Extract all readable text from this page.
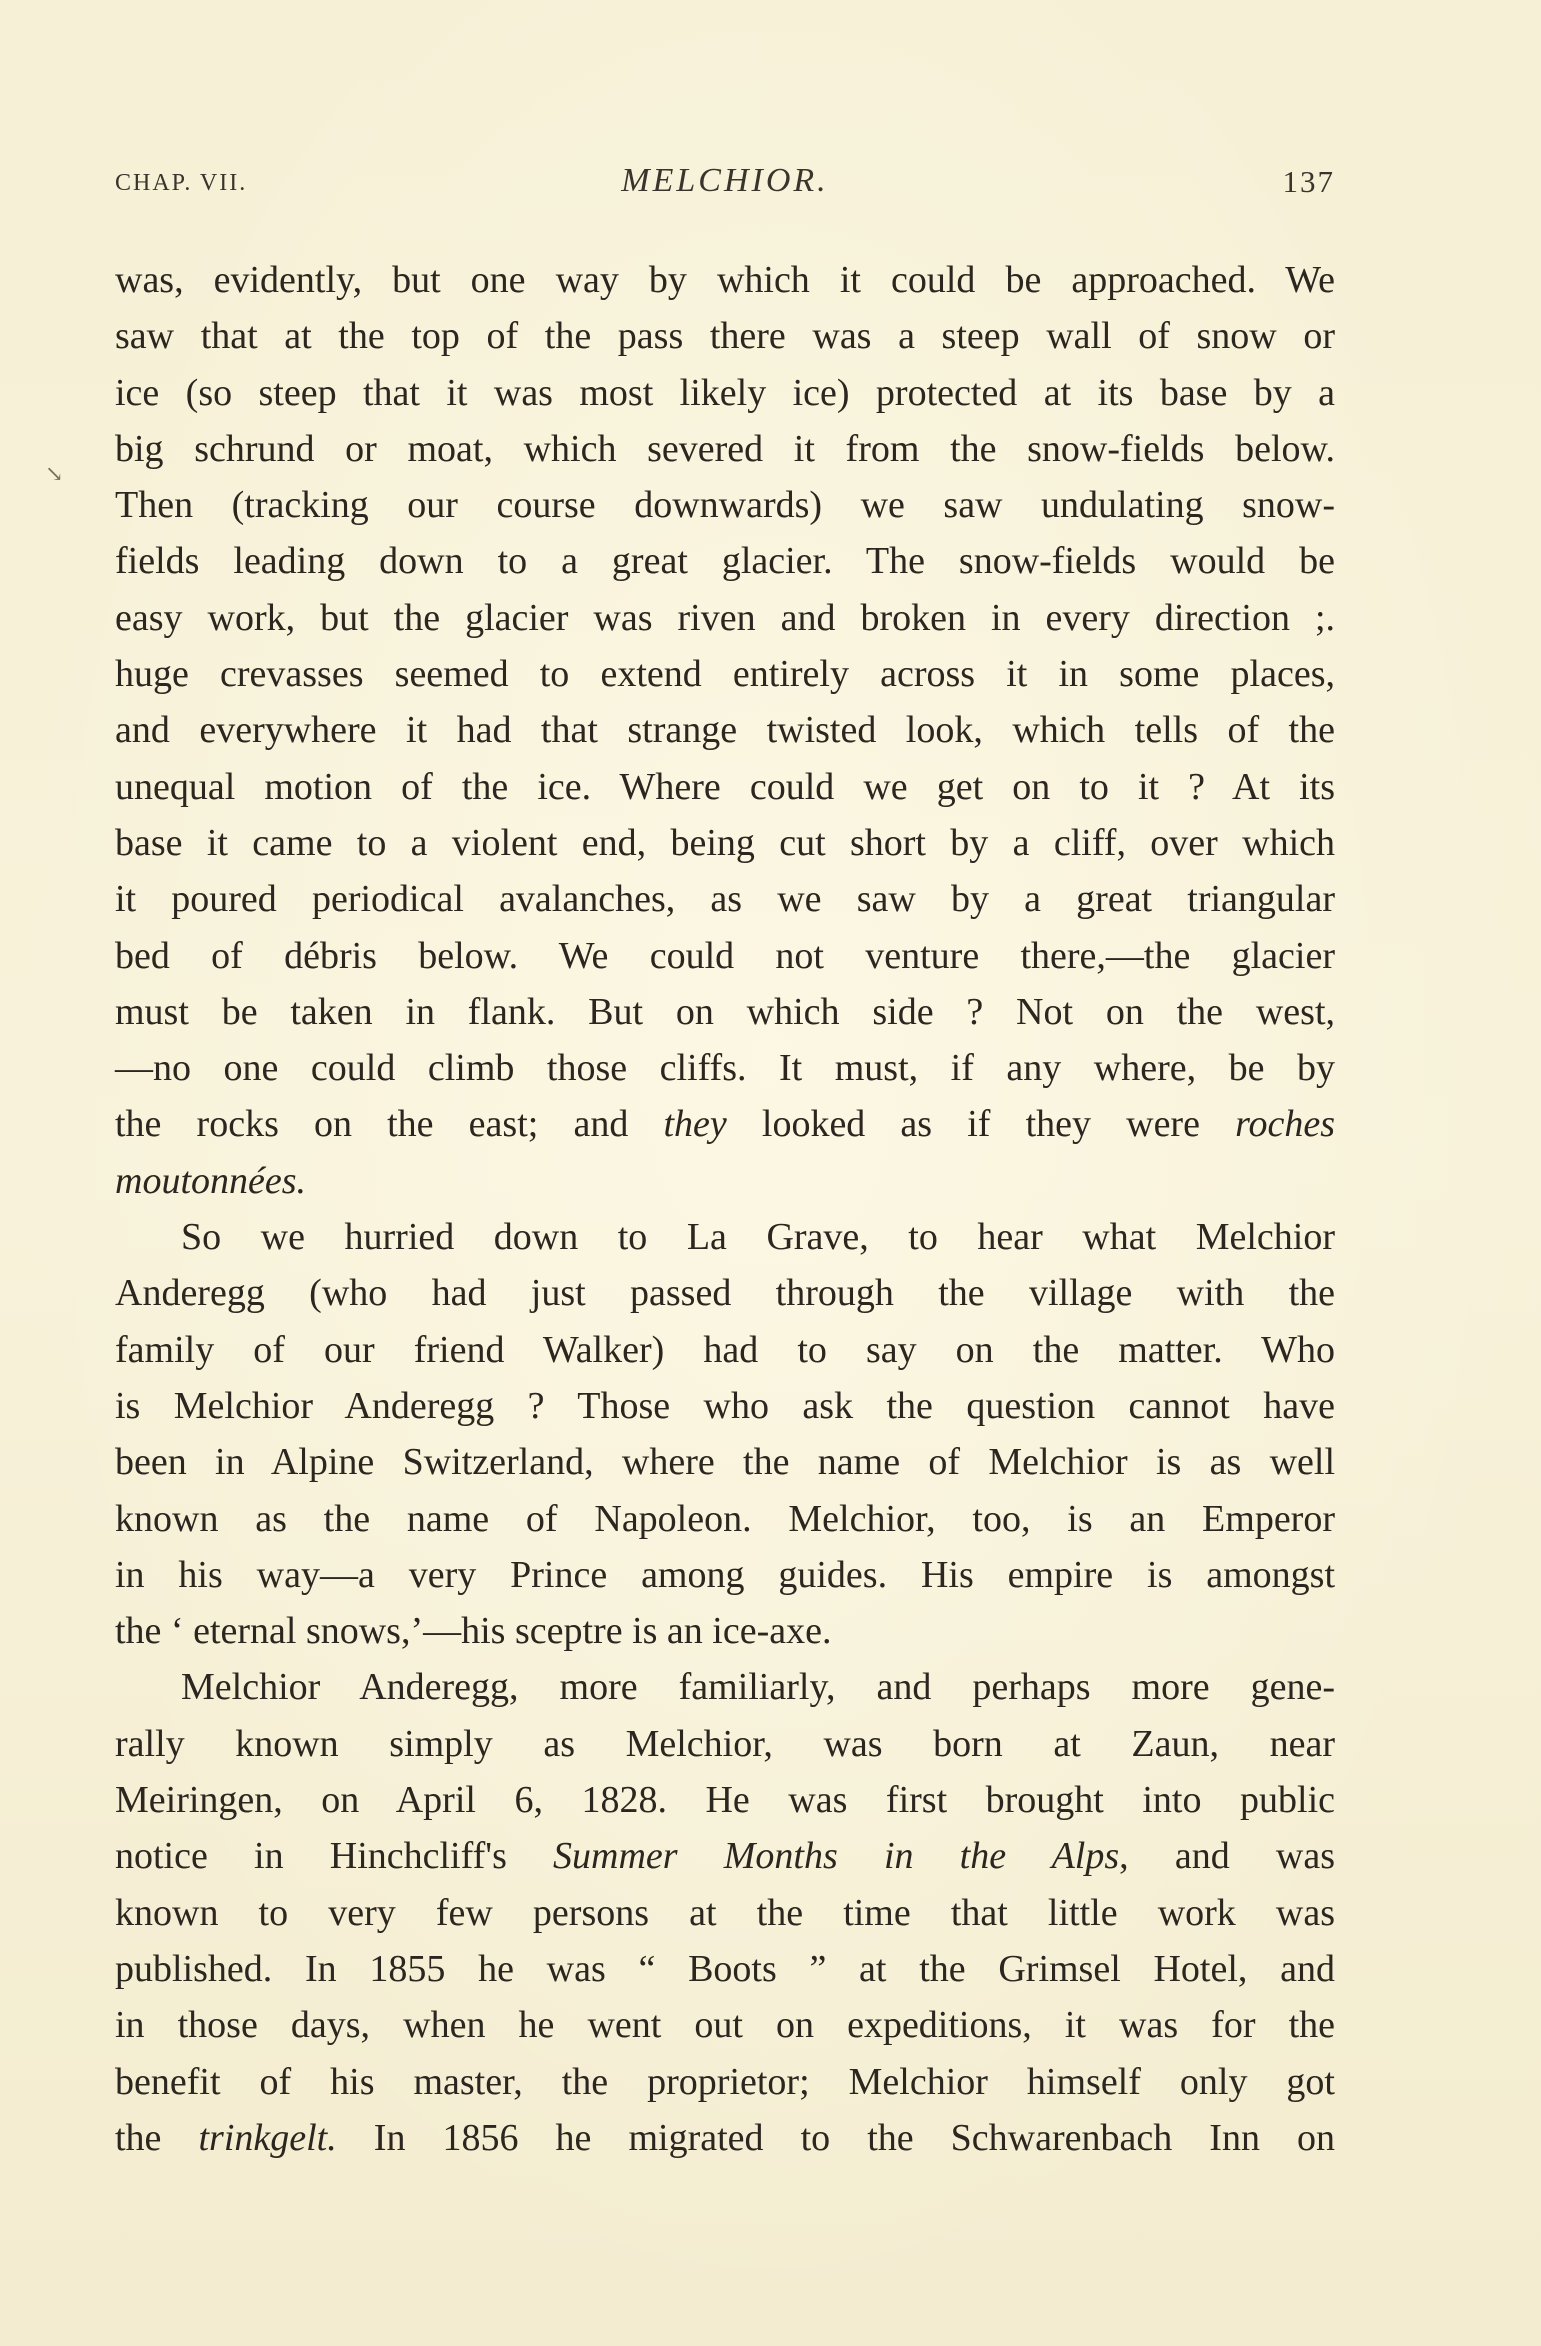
CHAP. VII.	MELCHIOR.	137
↘
was, evidently, but one way by which it could be approached. We
saw that at the top of the pass there was a steep wall of snow or
ice (so steep that it was most likely ice) protected at its base by a
big schrund or moat, which severed it from the snow-fields below.
Then (tracking our course downwards) we saw undulating snow-
fields leading down to a great glacier. The snow-fields would be
easy work, but the glacier was riven and broken in every direction ;.
huge crevasses seemed to extend entirely across it in some places,
and everywhere it had that strange twisted look, which tells of the
unequal motion of the ice. Where could we get on to it ? At its
base it came to a violent end, being cut short by a cliff, over which
it poured periodical avalanches, as we saw by a great triangular
bed of débris below. We could not venture there,—the glacier
must be taken in flank. But on which side ? Not on the west,
—no one could climb those cliffs. It must, if any where, be by
the rocks on the east; and they looked as if they were roches
moutonnées.
So we hurried down to La Grave, to hear what Melchior
Anderegg (who had just passed through the village with the
family of our friend Walker) had to say on the matter. Who
is Melchior Anderegg ? Those who ask the question cannot have
been in Alpine Switzerland, where the name of Melchior is as well
known as the name of Napoleon. Melchior, too, is an Emperor
in his way—a very Prince among guides. His empire is amongst
the ‘ eternal snows,’—his sceptre is an ice-axe.
Melchior Anderegg, more familiarly, and perhaps more gene-
rally known simply as Melchior, was born at Zaun, near
Meiringen, on April 6, 1828. He was first brought into public
notice in Hinchcliff's Summer Months in the Alps, and was
known to very few persons at the time that little work was
published. In 1855 he was “ Boots ” at the Grimsel Hotel, and
in those days, when he went out on expeditions, it was for the
benefit of his master, the proprietor; Melchior himself only got
the trinkgelt. In 1856 he migrated to the Schwarenbach Inn on
